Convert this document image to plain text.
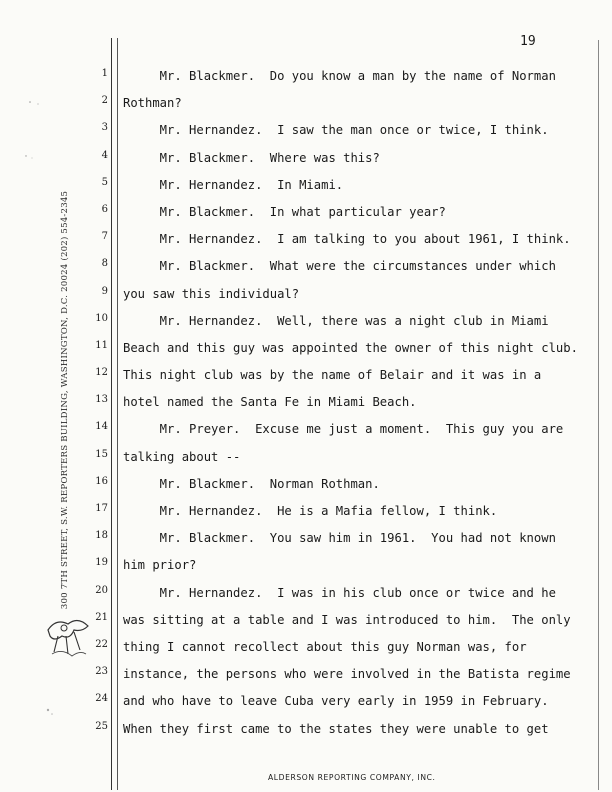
19
300 7TH STREET, S.W. REPORTERS BUILDING, WASHINGTON, D.C. 20024 (202) 554-2345
1
2
3
4
5
6
7
8
9
10
11
12
13
14
15
16
17
18
19
20
21
22
23
24
25
Mr. Blackmer.  Do you know a man by the name of Norman
Rothman?
Mr. Hernandez.  I saw the man once or twice, I think.
Mr. Blackmer.  Where was this?
Mr. Hernandez.  In Miami.
Mr. Blackmer.  In what particular year?
Mr. Hernandez.  I am talking to you about 1961, I think.
Mr. Blackmer.  What were the circumstances under which
you saw this individual?
Mr. Hernandez.  Well, there was a night club in Miami
Beach and this guy was appointed the owner of this night club.
This night club was by the name of Belair and it was in a
hotel named the Santa Fe in Miami Beach.
Mr. Preyer.  Excuse me just a moment.  This guy you are
talking about --
Mr. Blackmer.  Norman Rothman.
Mr. Hernandez.  He is a Mafia fellow, I think.
Mr. Blackmer.  You saw him in 1961.  You had not known
him prior?
Mr. Hernandez.  I was in his club once or twice and he
was sitting at a table and I was introduced to him.  The only
thing I cannot recollect about this guy Norman was, for
instance, the persons who were involved in the Batista regime
and who have to leave Cuba very early in 1959 in February.
When they first came to the states they were unable to get
ALDERSON REPORTING COMPANY, INC.
